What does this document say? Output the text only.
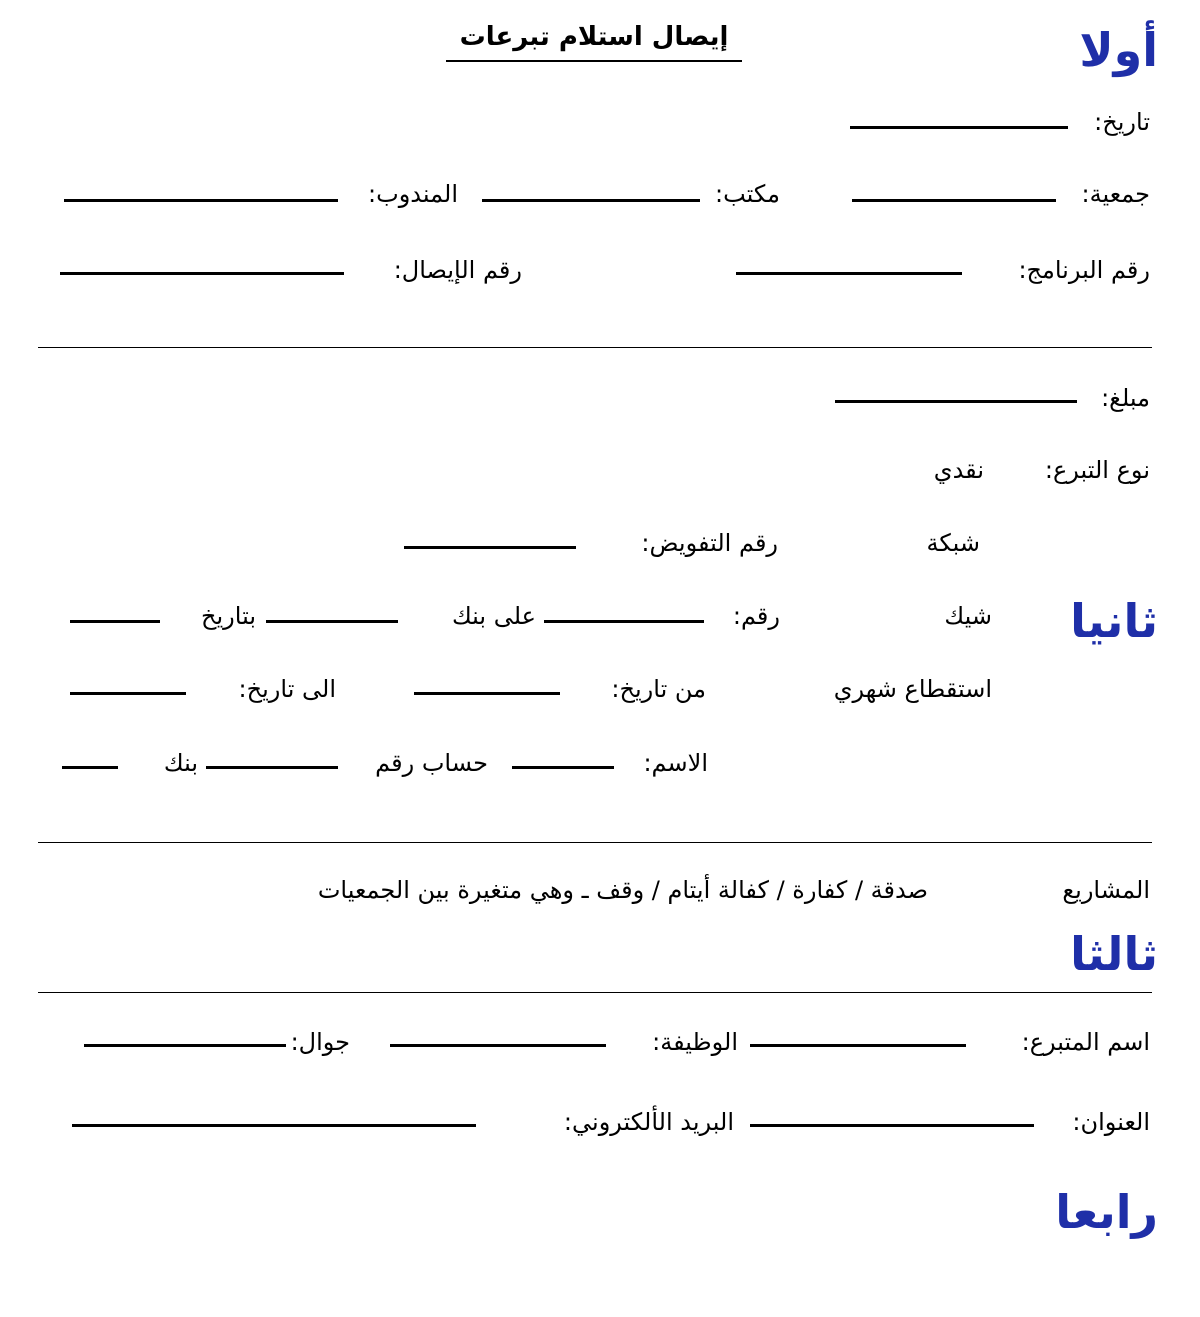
إيصال استلام تبرعات	أولا
ثانيا
ثالثا
رابعا
تاريخ:
جمعية:
مكتب:
المندوب:
رقم البرنامج:
رقم الإيصال:
مبلغ:
نوع التبرع:
نقدي
شبكة
رقم التفويض:
شيك
رقم:
على بنك
بتاريخ
استقطاع شهري
من تاريخ:
الى تاريخ:
الاسم:
حساب رقم
بنك
المشاريع
صدقة / كفارة / كفالة أيتام / وقف ـ وهي متغيرة بين الجمعيات
اسم المتبرع:
الوظيفة:
جوال:
العنوان:
البريد الألكتروني:
